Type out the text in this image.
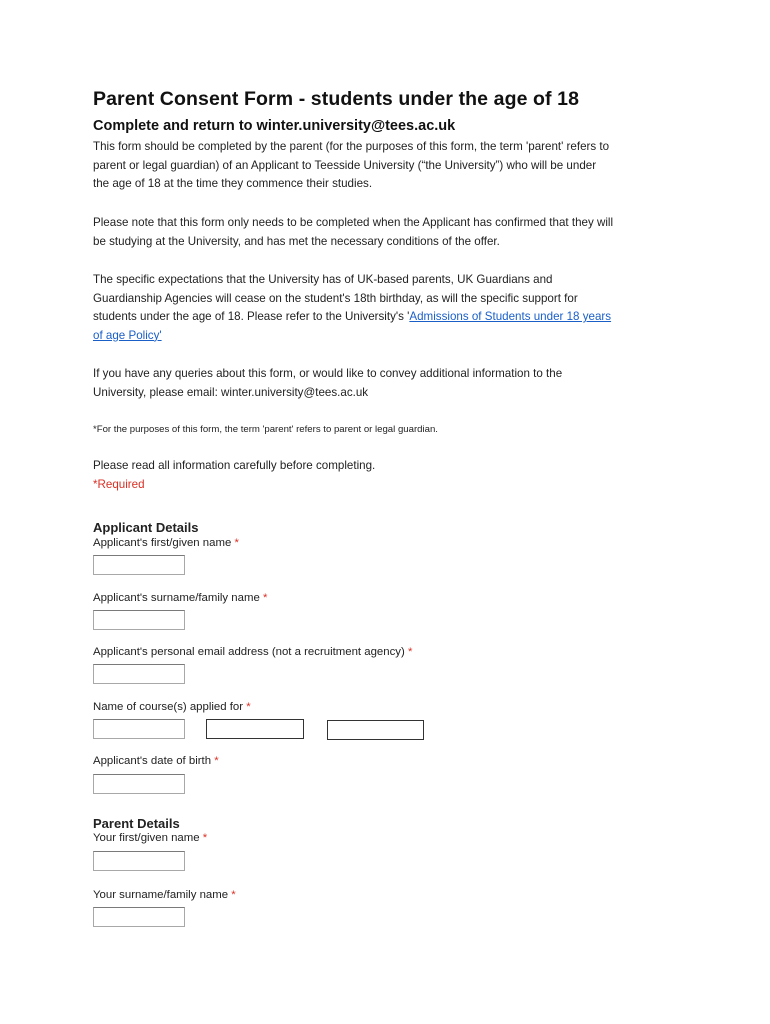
Parent Consent Form - students under the age of 18
Complete and return to winter.university@tees.ac.uk
This form should be completed by the parent (for the purposes of this form, the term 'parent' refers to
parent or legal guardian) of an Applicant to Teesside University (“the University”) who will be under
the age of 18 at the time they commence their studies.
Please note that this form only needs to be completed when the Applicant has confirmed that they will
be studying at the University, and has met the necessary conditions of the offer.
The specific expectations that the University has of UK-based parents, UK Guardians and
Guardianship Agencies will cease on the student's 18th birthday, as will the specific support for
students under the age of 18. Please refer to the University's 'Admissions of Students under 18 years
of age Policy'
If you have any queries about this form, or would like to convey additional information to the
University, please email: winter.university@tees.ac.uk
*For the purposes of this form, the term 'parent' refers to parent or legal guardian.
Please read all information carefully before completing.
*Required
Applicant Details
Applicant's first/given name *
Applicant's surname/family name *
Applicant's personal email address (not a recruitment agency) *
Name of course(s) applied for *
Applicant's date of birth *
Parent Details
Your first/given name *
Your surname/family name *
